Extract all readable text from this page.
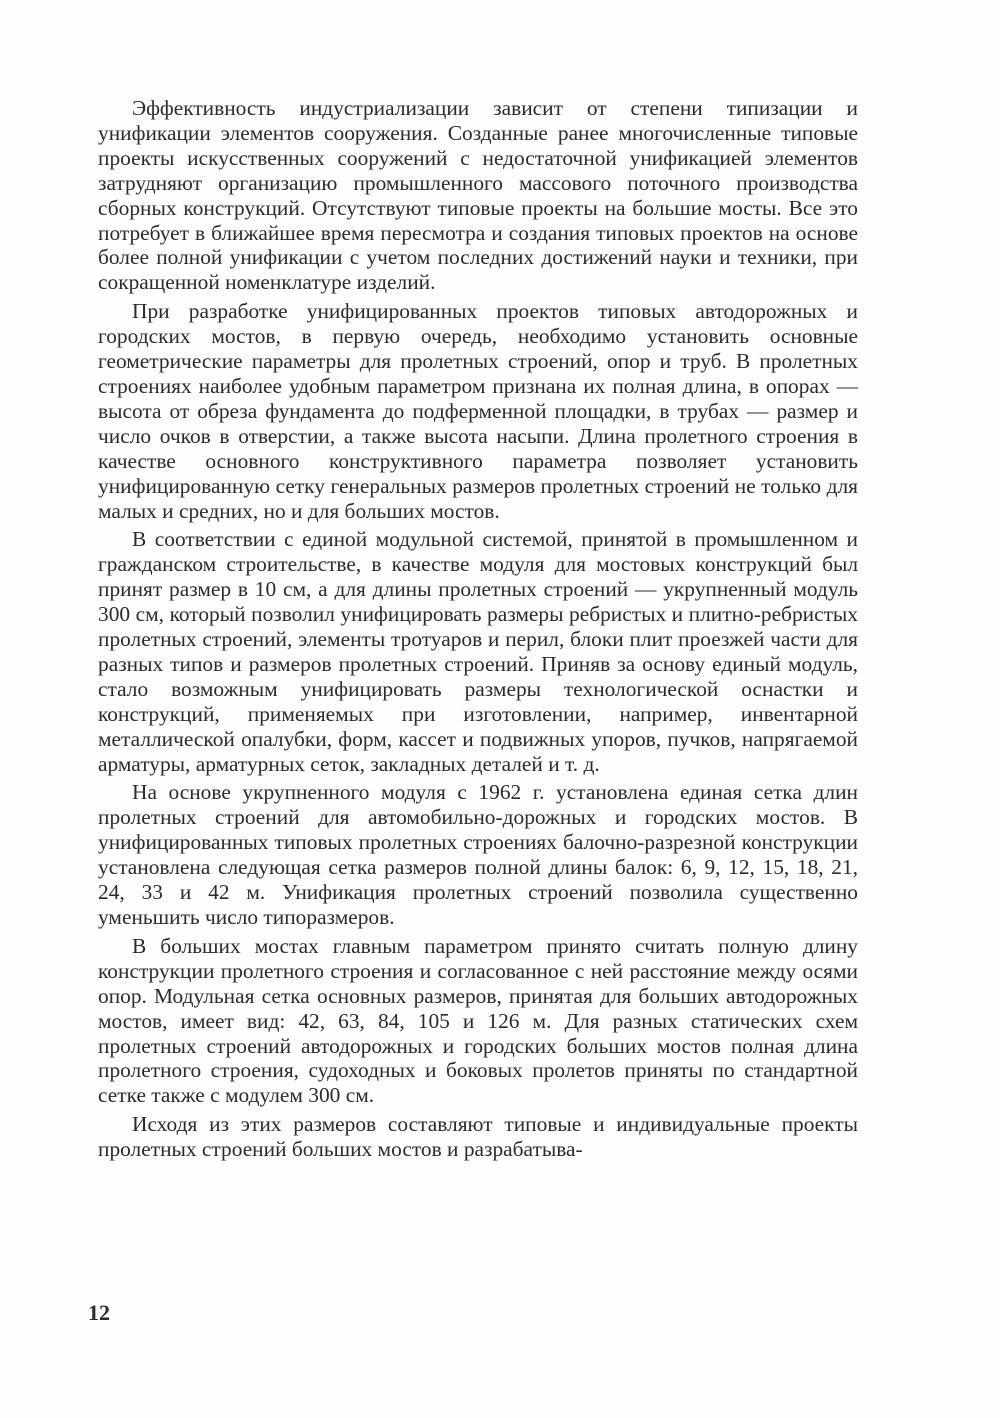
Эффективность индустриализации зависит от степени типизации и унификации элементов сооружения. Созданные ранее многочисленные типовые проекты искусственных сооружений с недостаточной унификацией элементов затрудняют организацию промышленного массового поточного производства сборных конструкций. Отсутствуют типовые проекты на большие мосты. Все это потребует в ближайшее время пересмотра и создания типовых проектов на основе более полной унификации с учетом последних достижений науки и техники, при сокращенной номенклатуре изделий.

При разработке унифицированных проектов типовых автодорожных и городских мостов, в первую очередь, необходимо установить основные геометрические параметры для пролетных строений, опор и труб. В пролетных строениях наиболее удобным параметром признана их полная длина, в опорах — высота от обреза фундамента до подферменной площадки, в трубах — размер и число очков в отверстии, а также высота насыпи. Длина пролетного строения в качестве основного конструктивного параметра позволяет установить унифицированную сетку генеральных размеров пролетных строений не только для малых и средних, но и для больших мостов.

В соответствии с единой модульной системой, принятой в промышленном и гражданском строительстве, в качестве модуля для мостовых конструкций был принят размер в 10 см, а для длины пролетных строений — укрупненный модуль 300 см, который позволил унифицировать размеры ребристых и плитно-ребристых пролетных строений, элементы тротуаров и перил, блоки плит проезжей части для разных типов и размеров пролетных строений. Приняв за основу единый модуль, стало возможным унифицировать размеры технологической оснастки и конструкций, применяемых при изготовлении, например, инвентарной металлической опалубки, форм, кассет и подвижных упоров, пучков, напрягаемой арматуры, арматурных сеток, закладных деталей и т. д.

На основе укрупненного модуля с 1962 г. установлена единая сетка длин пролетных строений для автомобильно-дорожных и городских мостов. В унифицированных типовых пролетных строениях балочно-разрезной конструкции установлена следующая сетка размеров полной длины балок: 6, 9, 12, 15, 18, 21, 24, 33 и 42 м. Унификация пролетных строений позволила существенно уменьшить число типоразмеров.

В больших мостах главным параметром принято считать полную длину конструкции пролетного строения и согласованное с ней расстояние между осями опор. Модульная сетка основных размеров, принятая для больших автодорожных мостов, имеет вид: 42, 63, 84, 105 и 126 м. Для разных статических схем пролетных строений автодорожных и городских больших мостов полная длина пролетного строения, судоходных и боковых пролетов приняты по стандартной сетке также с модулем 300 см.

Исходя из этих размеров составляют типовые и индивидуальные проекты пролетных строений больших мостов и разрабатыва-

12
